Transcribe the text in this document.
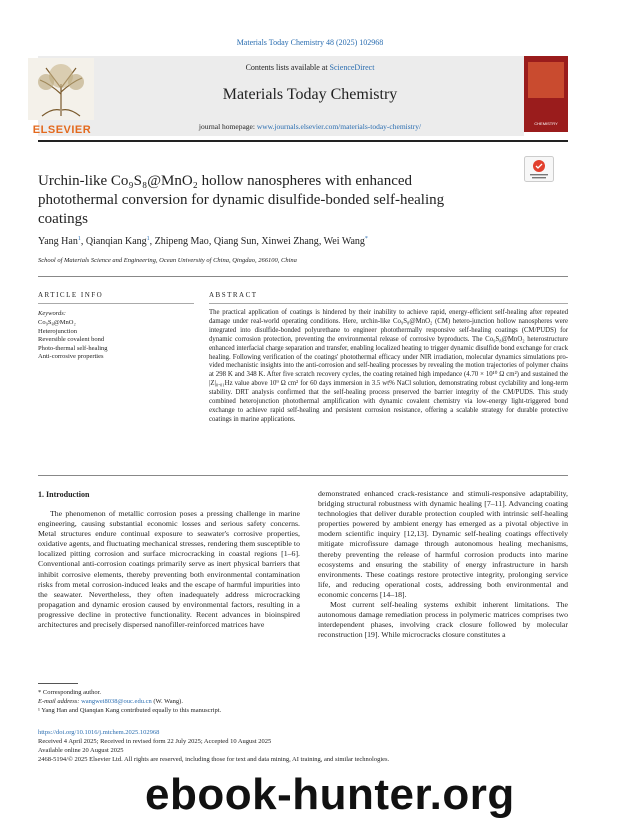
Materials Today Chemistry 48 (2025) 102968
ELSEVIER
Contents lists available at ScienceDirect
Materials Today Chemistry
journal homepage: www.journals.elsevier.com/materials-today-chemistry/	CHEMISTRY
Urchin-like Co₉S₈@MnO₂ hollow nanospheres with enhanced photothermal conversion for dynamic disulfide-bonded self-healing coatings
Yang Han$^1$, Qianqian Kang$^1$, Zhipeng Mao, Qiang Sun, Xinwei Zhang, Wei Wang*
School of Materials Science and Engineering, Ocean University of China, Qingdao, 266100, China
ARTICLE INFO	ABSTRACT
Keywords:
Co₉S₈@MnO₂
Heterojunction
Reversible covalent bond
Photo-thermal self-healing
Anti-corrosive properties
The practical application of coatings is hindered by their inability to achieve rapid, energy-efficient self-healing after repeated damage under real-world operating conditions. Here, urchin-like Co₉S₈@MnO₂ (CM) hetero-junction hollow nanospheres were integrated into disulfide-bonded polyurethane to engineer photothermally responsive self-healing coatings (CM/PUDS) for dynamic corrosion protection, preventing the environmental release of corrosive byproducts. The Co₉S₈@MnO₂ heterostructure enhanced interfacial charge separation and transfer, enabling localized heating to trigger dynamic disulfide bond exchange for crack healing. Following verification of the coatings' photothermal efficacy under NIR irradiation, molecular dynamics simulations pro-vided mechanistic insights into the anti-corrosion and self-healing processes by revealing the motion trajectories of polymer chains at 298 K and 348 K. After five scratch recovery cycles, the coating retained high impedance (4.70 × 10¹⁰ Ω cm²) and sustained the |Z|₀.₀₁Hz value above 10⁹ Ω cm² for 60 days immersion in 3.5 wt% NaCl solution, demonstrating robust cyclability and long-term stability. DRT analysis confirmed that the self-healing process preserved the barrier integrity of the CM/PUDS. This study combined heterojunction photothermal amplification with dynamic covalent chemistry via low-energy light-triggered bond exchange to achieve rapid self-healing and persistent corrosion resistance, offering a scalable strategy for durable protective coatings in marine applications.
1. Introduction

The phenomenon of metallic corrosion poses a pressing challenge in marine engineering, causing substantial economic losses and serious safety concerns. Metal structures endure continual exposure to seawater's corrosive properties, oxidative agents, and fluctuating mechanical stresses, rendering them susceptible to localized pitting corrosion and surface microcracking in coastal regions [1–6]. Conventional anti-corrosion coatings primarily serve as inert physical barriers that inhibit corrosive elements, thereby preventing both environmental contamination risks from metal corrosion-induced leaks and the escape of harmful impurities into the seawater. Nevertheless, they often inadequately address microcracking propagation and dynamic erosion caused by environmental factors, resulting in a progressive decline in protective functionality. Recent advances in bioinspired architectures and precisely dispersed nanofiller-reinforced matrices have

demonstrated enhanced crack-resistance and stimuli-responsive adaptability, bridging structural robustness with dynamic healing [7–11]. Advancing coating technologies that deliver durable protection coupled with intrinsic self-healing properties powered by ambient energy has emerged as a pivotal objective in modern scientific inquiry [12,13]. Dynamic self-healing coatings effectively mitigate microfissure damage through autonomous healing mechanisms, thereby preventing the release of harmful corrosion products into marine ecosystems and ensuring the stability of energy infrastructure in harsh environments. These coatings restore protective integrity, prolonging service life, and reducing operational costs, addressing both environmental and economic concerns [14–18].

Most current self-healing systems exhibit inherent limitations. The autonomous damage remediation process in polymeric matrices comprises two interdependent phases, involving crack closure followed by molecular reconstruction [19]. While microcracks closure constitutes a

* Corresponding author.
E-mail address: wangwei8038@ouc.edu.cn (W. Wang).
¹ Yang Han and Qianqian Kang contributed equally to this manuscript.
https://doi.org/10.1016/j.mtchem.2025.102968
Received 4 April 2025; Received in revised form 22 July 2025; Accepted 10 August 2025
Available online 20 August 2025
2468-5194/© 2025 Elsevier Ltd. All rights are reserved, including those for text and data mining, AI training, and similar technologies.
ebook-hunter.org
